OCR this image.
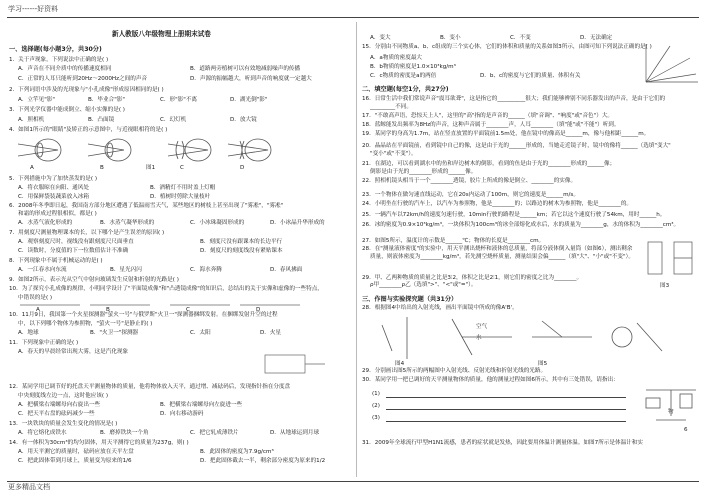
学习------好资料
更多精品文档
新人教版八年级物理上册期末试卷
一、选择题(每小题3分，共30分)
1．关于声现象，下列说法中正确的是( )
A．声音在不同介质中的传播速度相同	B．道路两旁植树可以有效地减弱噪声的传播
C．正常的人耳只能听到20Hz～2000Hz之间的声音	D．声源的振幅越大，听到声音的响度就一定越大
2．下列词语中涉及的光现象与"小孔成像"形成原因相同的是( )
A．立竿见"影"	B．毕业合"影"	C．形"影"不离	D．湖光倒"影"
3．下列光学仪器中能成倒立、缩小实像的是( )
A．照相机	B．凸面镜	C．幻灯机	D．放大镜
4．如图1所示的"眼睛"及矫正的示意图中，与近视眼相符的是( )
A	B	图1	C	D
5．下列措施中为了加快蒸发的是( )
A．将衣服晾在向阳、通风处	B．酒精灯不用时盖上灯帽
C．用保鲜袋装蔬菜放入冰箱	D．植树时剪除大量枝叶
6．2008年冬季即日起，我国南方部分地区遭遇了低温雨雪天气，某些地区的树枝上甚至出现了"雾凇"，"雾凇"
和霜的形成过程很相似，都是( )
A．水蒸气液化形成的	B．水蒸气凝华形成的	C．小冰珠凝固形成的	D．小冰晶升华形成的
7．用刻度尺测量物理课本的长，以下哪个是产生误差的原因( )
A．观察刻度尺时，视线没有跟刻度尺尺面垂直	B．刻度尺没有跟课本的长边平行
C．读数时，分度值的下一位数值估计不准确	D．刻度尺的刻度线没有紧贴课本
8．下列现象中不属于机械运动的是( )
A．一江春水向东流	B．星光闪闪	C．海水奔腾	D．春风拂面
9．如图2所示，表示光从空气中射向玻璃发生反射和折射的光路是( )
10．为了探究小孔成像的规律，小明同学设计了"平面镜成像"和"凸透镜成像"的知识后，总结出的关于实像和虚像的一些特点，
中错误的是( )
A	B	C	D
10．11月9日，我国第一个火星探测器"萤火一号"与俄罗斯"火卫一"探测器捆绑发射。在捆绑发射升空的过程
中，以下列哪个物体为参照物，"萤火一号"是静止的( )
A．地球	B．"火卫一"探测器	C．太阳	D．火星
11．下列现象中正确的是( )
A．春天的早晨经常出现大雾，这是汽化现象
12．某同学用已调节好的托盘天平测量物体的质量，他将物体放入天平，通过增、减砝码后，发现指针指在分度盘
中央刻度线左边一点，这时他应该( )
A．把横梁右端螺母向右旋出一些	B．把横梁右端螺母向左旋进一些
C．把天平右盘的砝码减少一些	D．向右移动游码
13．一块铁块的质量会发生变化的情况是( )
A．将它熔化成铁水	B．磨掉铁块一个角	C．把它轧成薄铁片	D．从地球运到月球
14．有一体积为30cm³的均匀固体，用天平测得它的质量为237g，则( )
A．用天平测它的质量时，砝码应放在天平左盘	B．此固体的密度为7.9g/cm³
C．把此固体带到月球上，质量变为原来的1/6	D．把此固体截去一半，剩余部分密度为原来的1/2
A．变大	B．变小	C．不变	D．无法确定
15．分别由不同物质a、b、c组成的三个实心体，它们的体积和质量的关系如图3所示，由图可知下列说法正确的是( )
A．a物质的密度最大
B．b物质的密度是1.0×10³kg/m³
C．c物质的密度是a的两倍	D．b、c的密度与它们的质量、体积有关
二、填空题(每空1分，共27分)
16．日常生活中我们常说声音"震耳欲聋"，这是指它的__________很大；我们能够辨别不同乐器发出的声音，是由于它们的
_________不同。
17．"不敢高声语，恐惊天上人"，这里的"高"指的是声音的______（填"音调"、"响度"或"音色"）大。
18．蓝鲸能发出频率为8Hz的声音，这种声音属于________声，人耳________（填"能"或"不能"）听到。
19．某同学的身高为1.7m，站在竖直放置的平面镜前1.5m处，他在镜中的像高是______m，像与他相距______m。
20．晶晶站在平面镜前，看到镜中自己的像，这是由于光的______形成的，当她走近镜子时，镜中的像将______（选填"变大"
"变小"或"不变"）。
21．在湖边，可以看到湖水中的鱼和岸边树木的倒影，看到的鱼是由于光的________形成的______像；
倒影是由于光的________形成的______像。
22．照相机镜头相当于一个________透镜，胶片上所成的像是倒立、________的实像。
23．一个物体在做匀速直线运动，它在20s内运动了100m，则它的速度是______m/s。
24．小明坐在行驶的汽车上，以汽车为参照物，他是________的；以路边的树木为参照物，他是________的。
25．一辆汽车以72km/h的速度匀速行驶，10min行驶的路程是______km；若它以这个速度行驶了54km，用时______h。
26．冰的密度为0.9×10³kg/m³，一块体积为100cm³的冰全部熔化成水后，水的质量为________g，水的体积为________cm³。
27．如图5所示，温度计的示数是______℃；物体的长度是________cm。
28．在"测量液体密度"的实验中，用天平测出烧杯和液体的总质量，将部分液体倒入量筒（如图6），测出剩余
质量，则液体密度为________kg/m³，若先测空烧杯质量，测量结果会偏______（填"大"、"小"或"不变"）。
图3
29．甲、乙两种物质的质量之比是3∶2，体积之比是2∶1，则它们的密度之比为________。
ρ甲________ρ乙（选填">"、"<"或"="）。
三、作图与实验探究题（共31分）
28．根据图4中给出的入射光线，画出平面镜中所成的像A'B'。
图4	图5
空气
水
29．分别画出图5所示的两幅图中入射光线、反射光线和折射光线的光路。
30．某同学用一把已调好的天平测量物体的质量，他的测量过程如图6所示，其中有三处错误，请指出：
(1)
(2)
(3)
物
6
31．2009年全球流行甲型H1N1流感，患者的症状就是发热，因此要用体温计测量体温。如图7所示是体温计和实
